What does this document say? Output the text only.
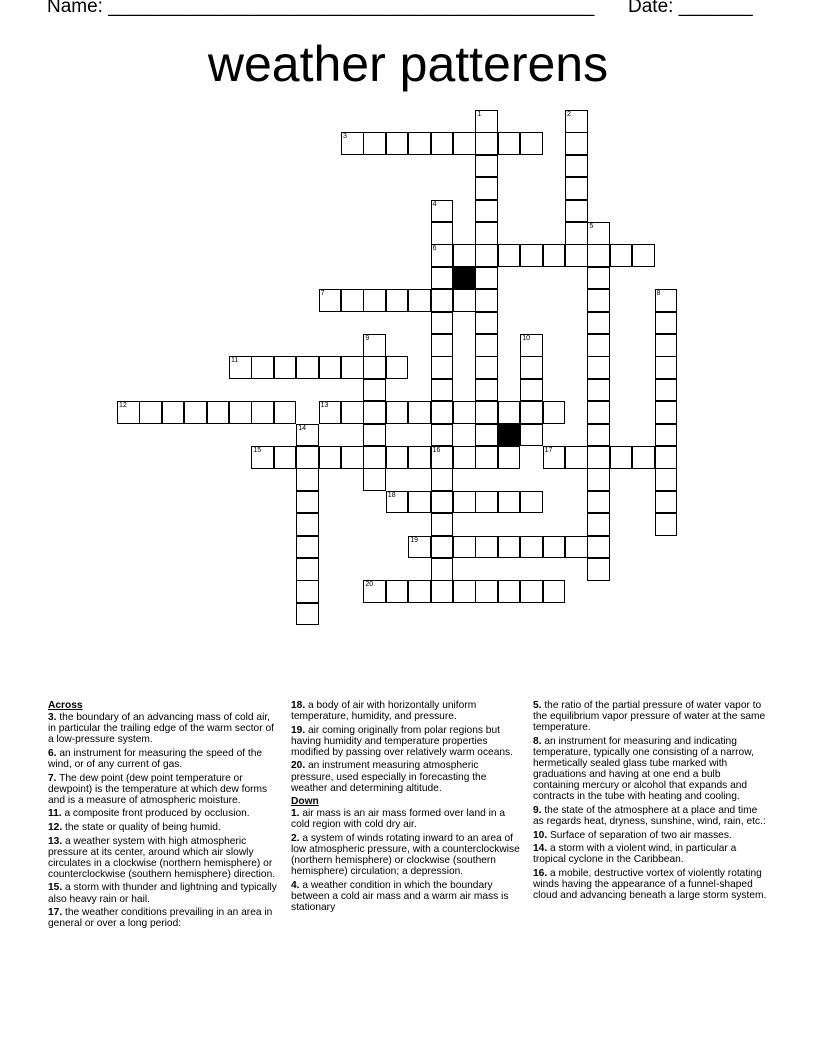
Name: ______________________________________________ Date: _______
weather patterens
1	2
3
4
5
6
7	8
9	10
11
12	13
14
15	16	17
18
19
20

Across

3. the boundary of an advancing mass of cold air, in particular the trailing edge of the warm sector of a low-pressure system.

6. an instrument for measuring the speed of the wind, or of any current of gas.

7. The dew point (dew point temperature or dewpoint) is the temperature at which dew forms and is a measure of atmospheric moisture.

11. a composite front produced by occlusion.

12. the state or quality of being humid.

13. a weather system with high atmospheric pressure at its center, around which air slowly circulates in a clockwise (northern hemisphere) or counterclockwise (southern hemisphere) direction.

15. a storm with thunder and lightning and typically also heavy rain or hail.

17. the weather conditions prevailing in an area in general or over a long period:

18. a body of air with horizontally uniform temperature, humidity, and pressure.

19. air coming originally from polar regions but having humidity and temperature properties modified by passing over relatively warm oceans.

20. an instrument measuring atmospheric pressure, used especially in forecasting the weather and determining altitude.

Down

1. air mass is an air mass formed over land in a cold region with cold dry air.

2. a system of winds rotating inward to an area of low atmospheric pressure, with a counterclockwise (northern hemisphere) or clockwise (southern hemisphere) circulation; a depression.

4. a weather condition in which the boundary between a cold air mass and a warm air mass is stationary

5. the ratio of the partial pressure of water vapor to the equilibrium vapor pressure of water at the same temperature.

8. an instrument for measuring and indicating temperature, typically one consisting of a narrow, hermetically sealed glass tube marked with graduations and having at one end a bulb containing mercury or alcohol that expands and contracts in the tube with heating and cooling.

9. the state of the atmosphere at a place and time as regards heat, dryness, sunshine, wind, rain, etc.:

10. Surface of separation of two air masses.

14. a storm with a violent wind, in particular a tropical cyclone in the Caribbean.

16. a mobile, destructive vortex of violently rotating winds having the appearance of a funnel-shaped cloud and advancing beneath a large storm system.
